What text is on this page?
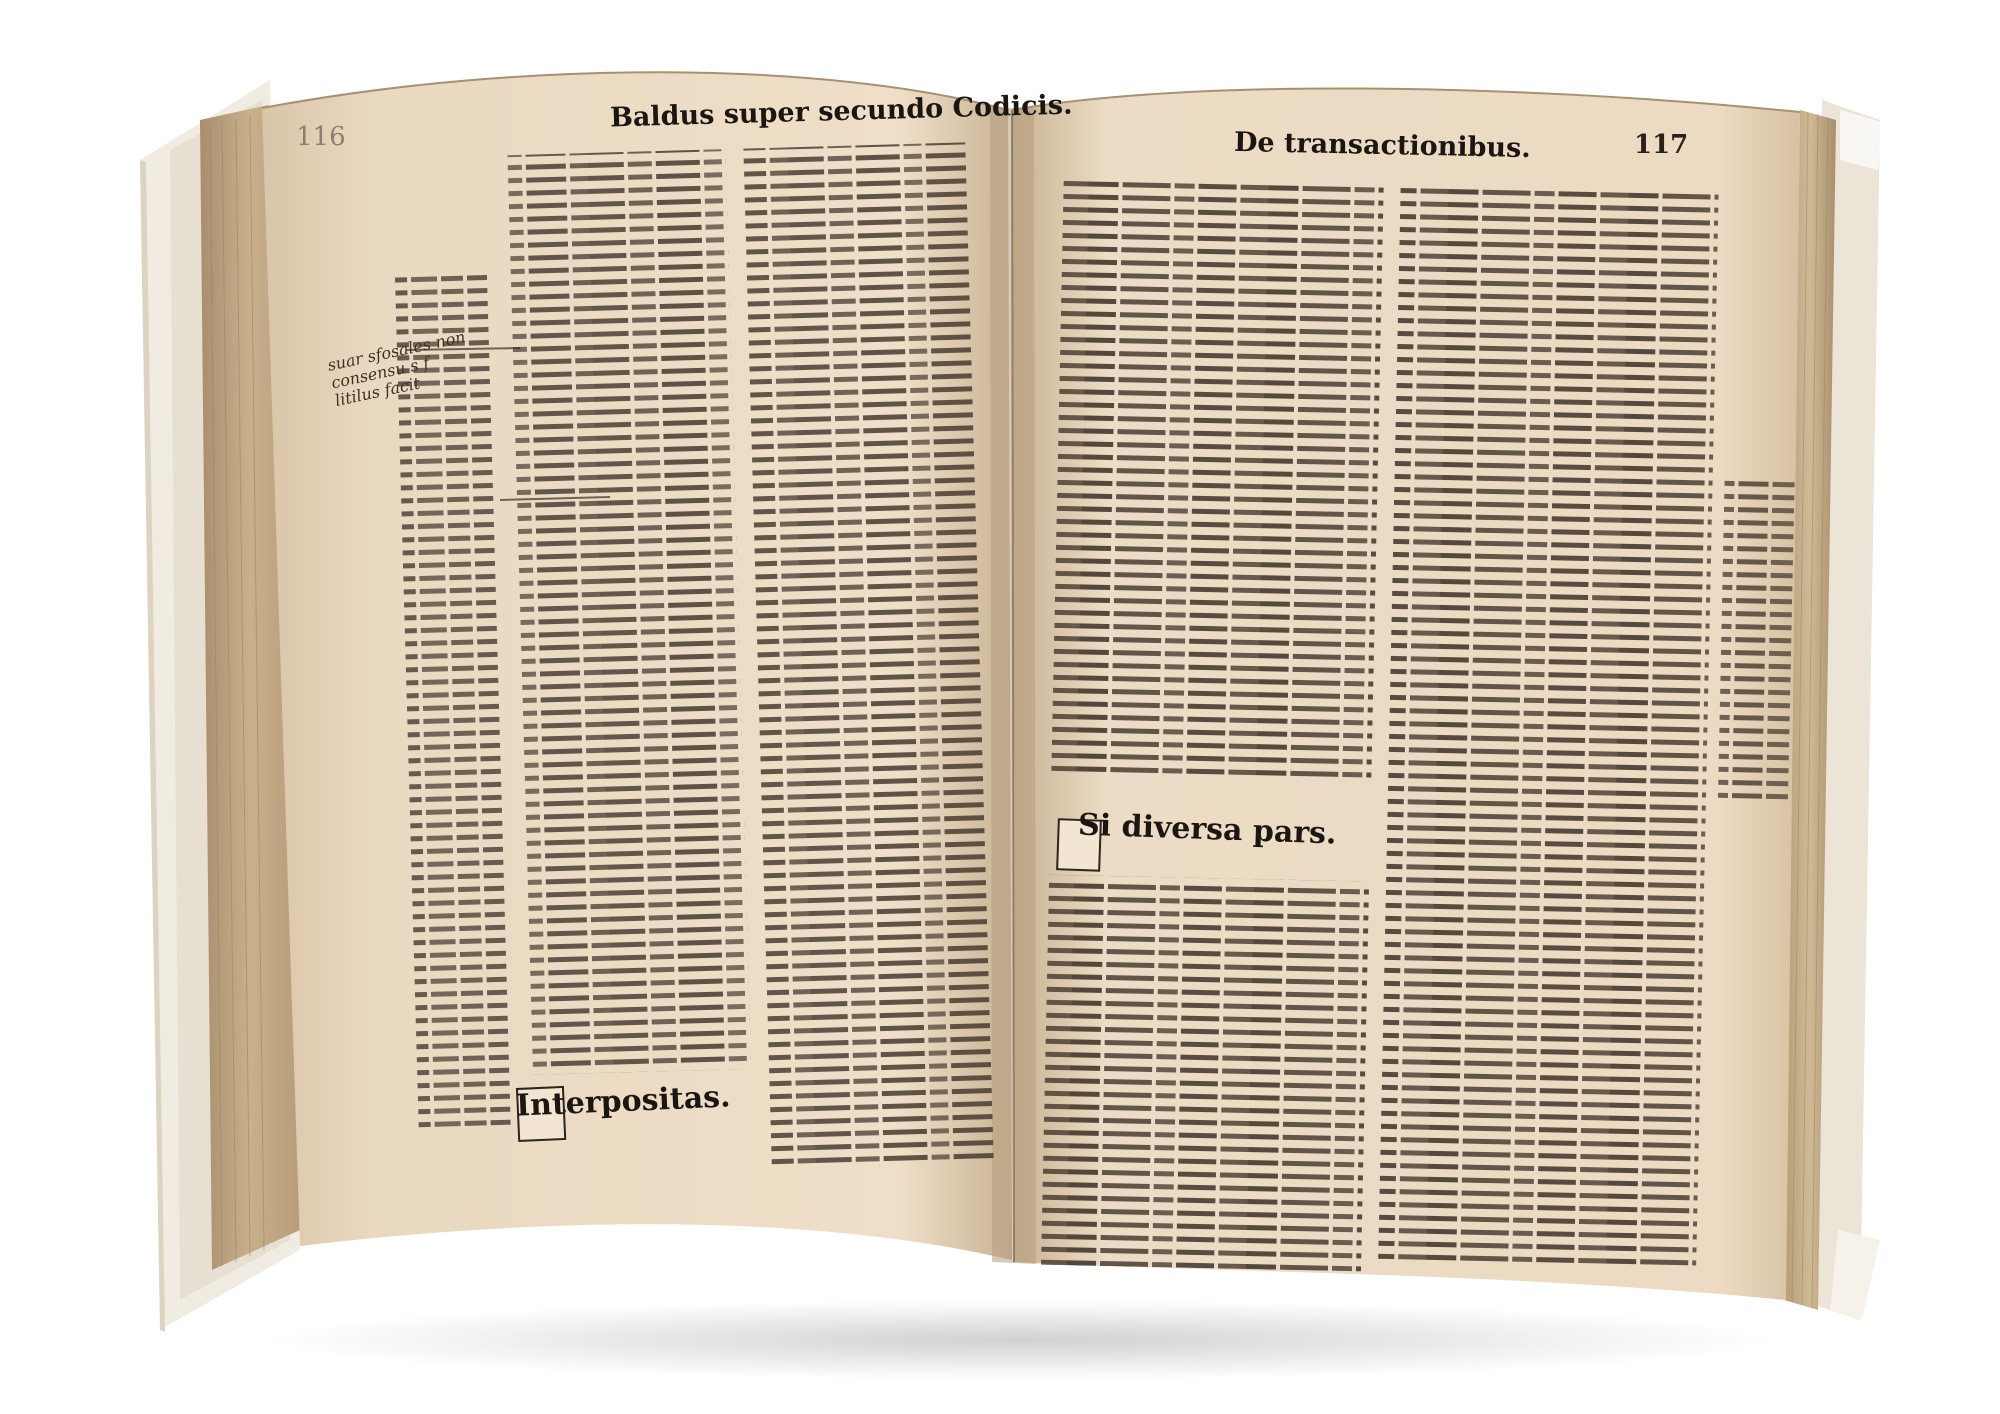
116	117
Baldus super secundo Codicis.
De transactionibus.
Si diversa pars.
Interpositas.
suar sfosales non
consensu s f
litilus facit
